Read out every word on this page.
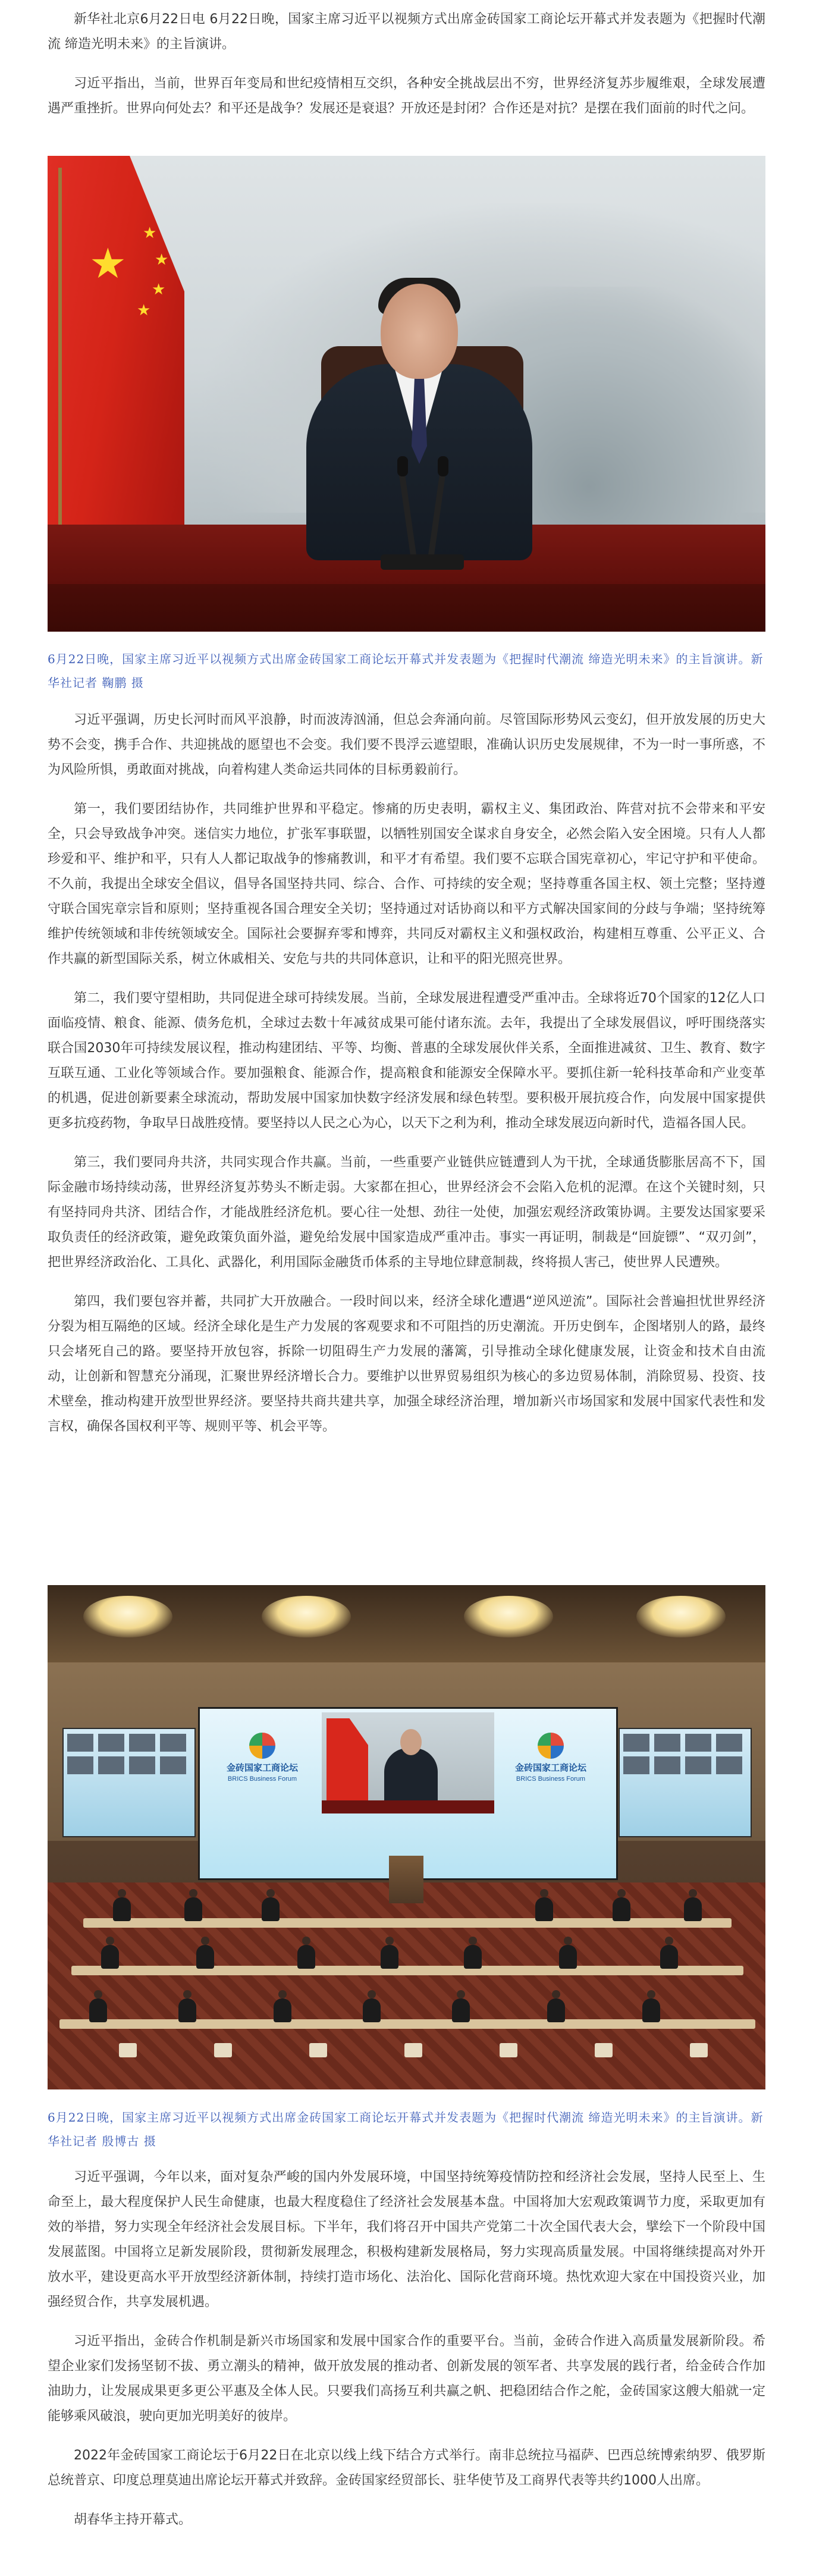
新华社北京6月22日电 6月22日晚，国家主席习近平以视频方式出席金砖国家工商论坛开幕式并发表题为《把握时代潮流 缔造光明未来》的主旨演讲。

习近平指出，当前，世界百年变局和世纪疫情相互交织，各种安全挑战层出不穷，世界经济复苏步履维艰，全球发展遭遇严重挫折。世界向何处去？和平还是战争？发展还是衰退？开放还是封闭？合作还是对抗？是摆在我们面前的时代之问。

★
★
★
★
★

6月22日晚，国家主席习近平以视频方式出席金砖国家工商论坛开幕式并发表题为《把握时代潮流 缔造光明未来》的主旨演讲。新华社记者 鞠鹏 摄

习近平强调，历史长河时而风平浪静，时而波涛汹涌，但总会奔涌向前。尽管国际形势风云变幻，但开放发展的历史大势不会变，携手合作、共迎挑战的愿望也不会变。我们要不畏浮云遮望眼，准确认识历史发展规律，不为一时一事所惑，不为风险所惧，勇敢面对挑战，向着构建人类命运共同体的目标勇毅前行。

第一，我们要团结协作，共同维护世界和平稳定。惨痛的历史表明，霸权主义、集团政治、阵营对抗不会带来和平安全，只会导致战争冲突。迷信实力地位，扩张军事联盟，以牺牲别国安全谋求自身安全，必然会陷入安全困境。只有人人都珍爱和平、维护和平，只有人人都记取战争的惨痛教训，和平才有希望。我们要不忘联合国宪章初心，牢记守护和平使命。不久前，我提出全球安全倡议，倡导各国坚持共同、综合、合作、可持续的安全观；坚持尊重各国主权、领土完整；坚持遵守联合国宪章宗旨和原则；坚持重视各国合理安全关切；坚持通过对话协商以和平方式解决国家间的分歧与争端；坚持统筹维护传统领域和非传统领域安全。国际社会要摒弃零和博弈，共同反对霸权主义和强权政治，构建相互尊重、公平正义、合作共赢的新型国际关系，树立休戚相关、安危与共的共同体意识，让和平的阳光照亮世界。

第二，我们要守望相助，共同促进全球可持续发展。当前，全球发展进程遭受严重冲击。全球将近70个国家的12亿人口面临疫情、粮食、能源、债务危机，全球过去数十年减贫成果可能付诸东流。去年，我提出了全球发展倡议，呼吁围绕落实联合国2030年可持续发展议程，推动构建团结、平等、均衡、普惠的全球发展伙伴关系，全面推进减贫、卫生、教育、数字互联互通、工业化等领域合作。要加强粮食、能源合作，提高粮食和能源安全保障水平。要抓住新一轮科技革命和产业变革的机遇，促进创新要素全球流动，帮助发展中国家加快数字经济发展和绿色转型。要积极开展抗疫合作，向发展中国家提供更多抗疫药物，争取早日战胜疫情。要坚持以人民之心为心，以天下之利为利，推动全球发展迈向新时代，造福各国人民。

第三，我们要同舟共济，共同实现合作共赢。当前，一些重要产业链供应链遭到人为干扰，全球通货膨胀居高不下，国际金融市场持续动荡，世界经济复苏势头不断走弱。大家都在担心，世界经济会不会陷入危机的泥潭。在这个关键时刻，只有坚持同舟共济、团结合作，才能战胜经济危机。要心往一处想、劲往一处使，加强宏观经济政策协调。主要发达国家要采取负责任的经济政策，避免政策负面外溢，避免给发展中国家造成严重冲击。事实一再证明，制裁是“回旋镖”、“双刃剑”，把世界经济政治化、工具化、武器化，利用国际金融货币体系的主导地位肆意制裁，终将损人害己，使世界人民遭殃。

第四，我们要包容并蓄，共同扩大开放融合。一段时间以来，经济全球化遭遇“逆风逆流”。国际社会普遍担忧世界经济分裂为相互隔绝的区域。经济全球化是生产力发展的客观要求和不可阻挡的历史潮流。开历史倒车，企图堵别人的路，最终只会堵死自己的路。要坚持开放包容，拆除一切阻碍生产力发展的藩篱，引导推动全球化健康发展，让资金和技术自由流动，让创新和智慧充分涌现，汇聚世界经济增长合力。要维护以世界贸易组织为核心的多边贸易体制，消除贸易、投资、技术壁垒，推动构建开放型世界经济。要坚持共商共建共享，加强全球经济治理，增加新兴市场国家和发展中国家代表性和发言权，确保各国权利平等、规则平等、机会平等。

金砖国家工商论坛
BRICS Business Forum
金砖国家工商论坛
BRICS Business Forum

6月22日晚，国家主席习近平以视频方式出席金砖国家工商论坛开幕式并发表题为《把握时代潮流 缔造光明未来》的主旨演讲。新华社记者 殷博古 摄

习近平强调，今年以来，面对复杂严峻的国内外发展环境，中国坚持统筹疫情防控和经济社会发展，坚持人民至上、生命至上，最大程度保护人民生命健康，也最大程度稳住了经济社会发展基本盘。中国将加大宏观政策调节力度，采取更加有效的举措，努力实现全年经济社会发展目标。下半年，我们将召开中国共产党第二十次全国代表大会，擘绘下一个阶段中国发展蓝图。中国将立足新发展阶段，贯彻新发展理念，积极构建新发展格局，努力实现高质量发展。中国将继续提高对外开放水平，建设更高水平开放型经济新体制，持续打造市场化、法治化、国际化营商环境。热忱欢迎大家在中国投资兴业，加强经贸合作，共享发展机遇。

习近平指出，金砖合作机制是新兴市场国家和发展中国家合作的重要平台。当前，金砖合作进入高质量发展新阶段。希望企业家们发扬坚韧不拔、勇立潮头的精神，做开放发展的推动者、创新发展的领军者、共享发展的践行者，给金砖合作加油助力，让发展成果更多更公平惠及全体人民。只要我们高扬互利共赢之帆、把稳团结合作之舵，金砖国家这艘大船就一定能够乘风破浪，驶向更加光明美好的彼岸。

2022年金砖国家工商论坛于6月22日在北京以线上线下结合方式举行。南非总统拉马福萨、巴西总统博索纳罗、俄罗斯总统普京、印度总理莫迪出席论坛开幕式并致辞。金砖国家经贸部长、驻华使节及工商界代表等共约1000人出席。

胡春华主持开幕式。
